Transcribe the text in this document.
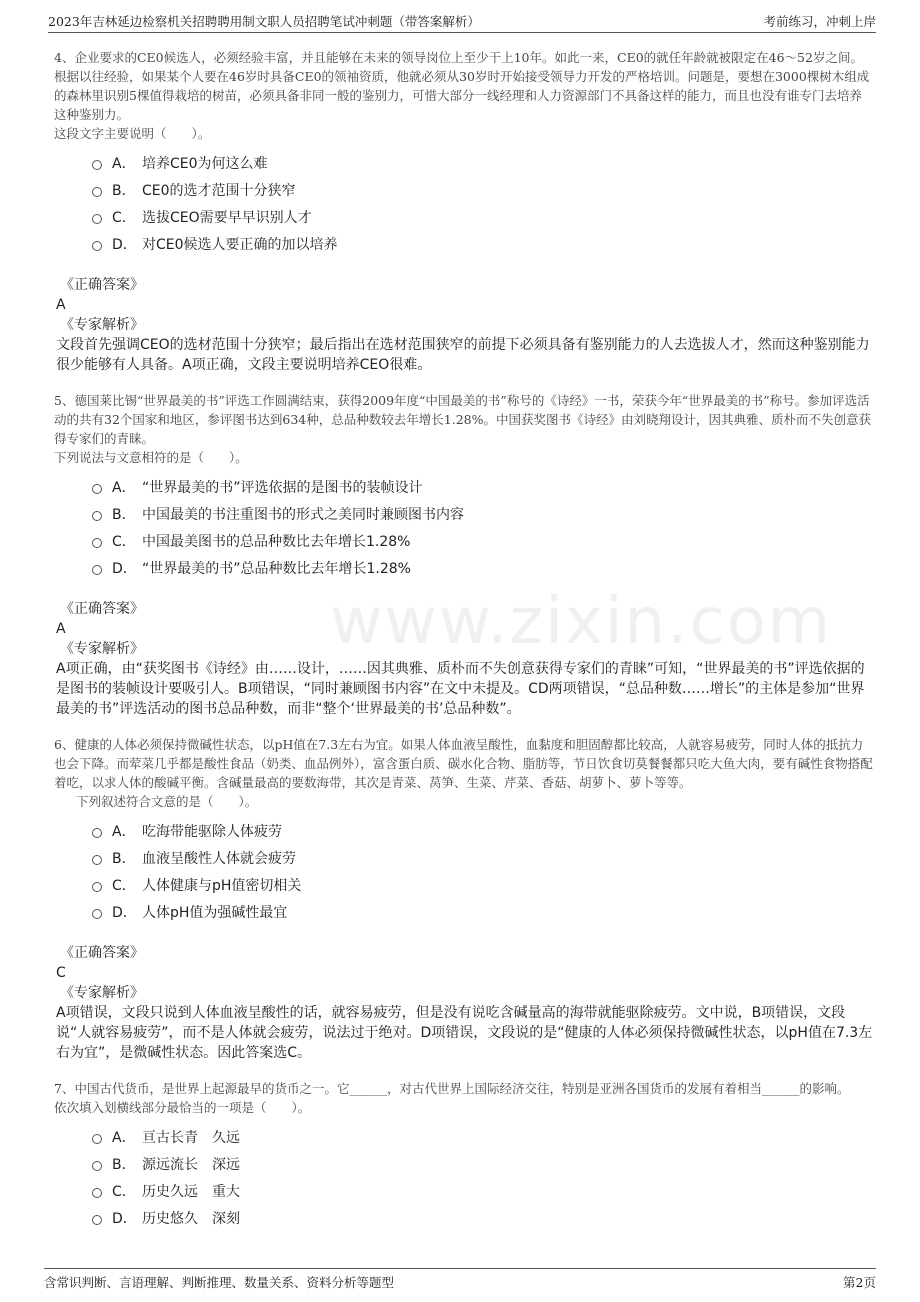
2023年吉林延边检察机关招聘聘用制文职人员招聘笔试冲刺题（带答案解析）	考前练习，冲刺上岸
www.zixin.com

4、企业要求的CE0候选人，必须经验丰富，并且能够在未来的领导岗位上至少干上10年。如此一来，CE0的就任年龄就被限定在46～52岁之间。根据以往经验，如果某个人要在46岁时具备CE0的领袖资质，他就必须从30岁时开始接受领导力开发的严格培训。问题是，要想在3000棵树木组成的森林里识别5棵值得栽培的树苗，必须具备非同一般的鉴别力，可惜大部分一线经理和人力资源部门不具备这样的能力，而且也没有谁专门去培养这种鉴别力。

这段文字主要说明（　　）。

A． 培养CE0为何这么难
B． CE0的选才范围十分狭窄
C． 选拔CEO需要早早识别人才
D． 对CE0候选人要正确的加以培养
《正确答案》
A
《专家解析》

文段首先强调CEO的选材范围十分狭窄；最后指出在选材范围狭窄的前提下必须具备有鉴别能力的人去选拔人才，然而这种鉴别能力很少能够有人具备。A项正确，文段主要说明培养CEO很难。

5、德国莱比锡“世界最美的书”评选工作圆满结束，获得2009年度“中国最美的书”称号的《诗经》一书，荣获今年“世界最美的书”称号。参加评选活动的共有32个国家和地区，参评图书达到634种，总品种数较去年增长1.28%。中国获奖图书《诗经》由刘晓翔设计，因其典雅、质朴而不失创意获得专家们的青睐。

下列说法与文意相符的是（　　）。

A． “世界最美的书”评选依据的是图书的装帧设计
B． 中国最美的书注重图书的形式之美同时兼顾图书内容
C． 中国最美图书的总品种数比去年增长1.28%
D． “世界最美的书”总品种数比去年增长1.28%
《正确答案》
A
《专家解析》

A项正确，由“获奖图书《诗经》由……设计，……因其典雅、质朴而不失创意获得专家们的青睐”可知，“世界最美的书”评选依据的是图书的装帧设计要吸引人。B项错误，“同时兼顾图书内容”在文中未提及。CD两项错误，“总品种数……增长”的主体是参加“世界最美的书”评选活动的图书总品种数，而非“整个‘世界最美的书’总品种数”。

6、健康的人体必须保持微碱性状态，以pH值在7.3左右为宜。如果人体血液呈酸性，血黏度和胆固醇都比较高，人就容易疲劳，同时人体的抵抗力也会下降。而荤菜几乎都是酸性食品（奶类、血品例外），富含蛋白质、碳水化合物、脂肪等，节日饮食切莫餐餐都只吃大鱼大肉，要有碱性食物搭配着吃，以求人体的酸碱平衡。含碱量最高的要数海带，其次是青菜、莴笋、生菜、芹菜、香菇、胡萝卜、萝卜等等。

下列叙述符合文意的是（　　）。

A． 吃海带能驱除人体疲劳
B． 血液呈酸性人体就会疲劳
C． 人体健康与pH值密切相关
D． 人体pH值为强碱性最宜
《正确答案》
C
《专家解析》

A项错误，文段只说到人体血液呈酸性的话，就容易疲劳，但是没有说吃含碱量高的海带就能驱除疲劳。文中说，B项错误，文段说“人就容易疲劳”，而不是人体就会疲劳，说法过于绝对。D项错误，文段说的是“健康的人体必须保持微碱性状态，以pH值在7.3左右为宜”，是微碱性状态。因此答案选C。

7、中国古代货币，是世界上起源最早的货币之一。它______，对古代世界上国际经济交往，特别是亚洲各国货币的发展有着相当______的影响。

依次填入划横线部分最恰当的一项是（　　）。

A． 亘古长青　久远
B． 源远流长　深远
C． 历史久远　重大
D． 历史悠久　深刻
含常识判断、言语理解、判断推理、数量关系、资料分析等题型	第2页
